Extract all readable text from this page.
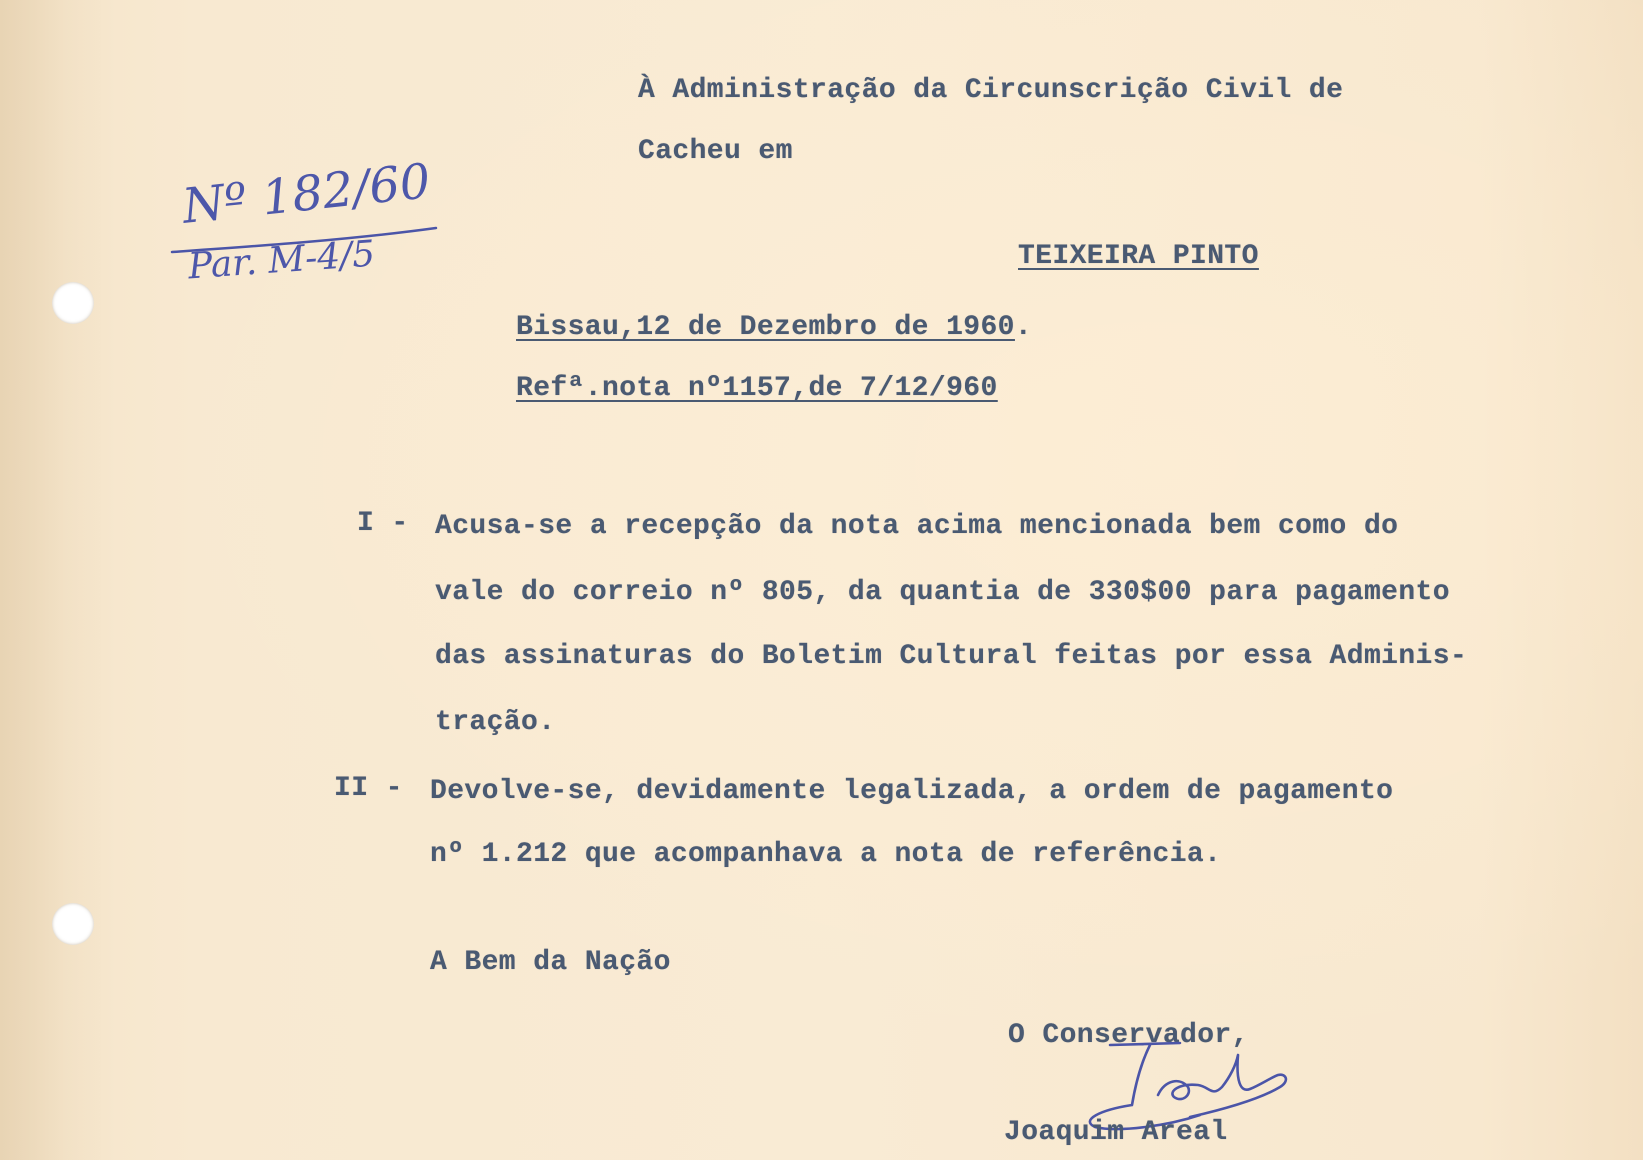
À Administração da Circunscrição Civil de
Cacheu em
Nº 182/60
Par. M-4/5	TEIXEIRA PINTO
Bissau,12 de Dezembro de 1960.
Refª.nota nº1157,de 7/12/960
I - Acusa-se a recepção da nota acima mencionada bem como do
vale do correio nº 805, da quantia de 330$00 para pagamento
das assinaturas do Boletim Cultural feitas por essa Adminis-
tração.
II - Devolve-se, devidamente legalizada, a ordem de pagamento
nº 1.212 que acompanhava a nota de referência.
A Bem da Nação
O Conservador,
Joaquim Areal
